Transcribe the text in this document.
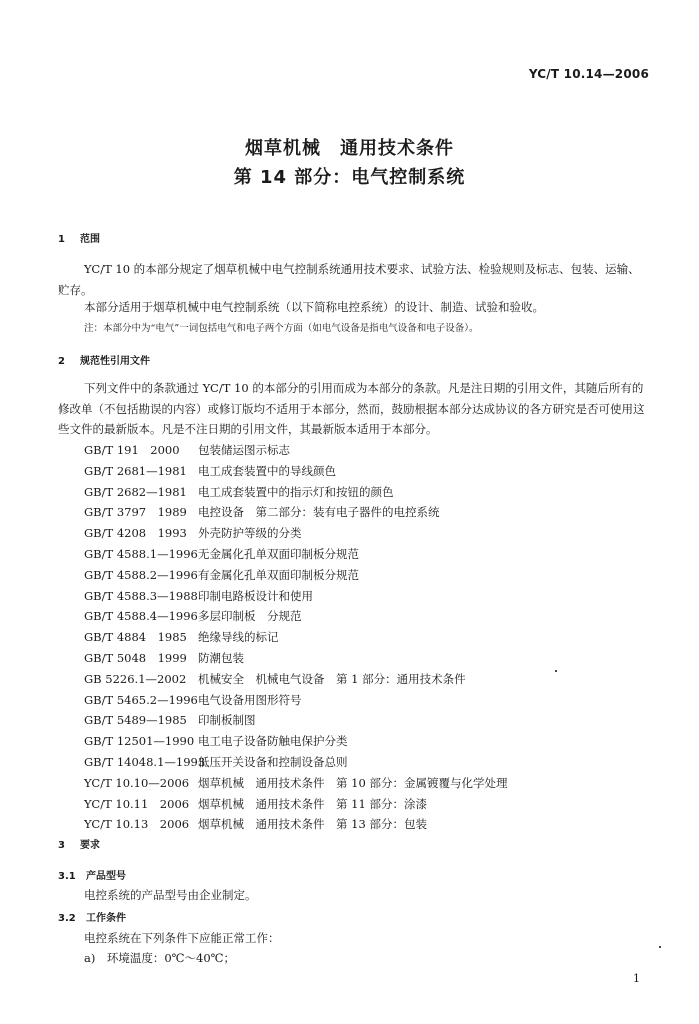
YC/T 10.14—2006
烟草机械　通用技术条件
第 14 部分：电气控制系统
1 范围
YC/T 10 的本部分规定了烟草机械中电气控制系统通用技术要求、试验方法、检验规则及标志、包装、运输、贮存。
本部分适用于烟草机械中电气控制系统（以下简称电控系统）的设计、制造、试验和验收。
注：本部分中为“电气”一词包括电气和电子两个方面（如电气设备是指电气设备和电子设备）。
2 规范性引用文件
下列文件中的条款通过 YC/T 10 的本部分的引用而成为本部分的条款。凡是注日期的引用文件，其随后所有的修改单（不包括勘误的内容）或修订版均不适用于本部分，然而，鼓励根据本部分达成协议的各方研究是否可使用这些文件的最新版本。凡是不注日期的引用文件，其最新版本适用于本部分。
GB/T 191　2000 包装储运图示标志
GB/T 2681—1981 电工成套装置中的导线颜色
GB/T 2682—1981 电工成套装置中的指示灯和按钮的颜色
GB/T 3797　1989 电控设备　第二部分：装有电子器件的电控系统
GB/T 4208　1993 外壳防护等级的分类
GB/T 4588.1—1996无金属化孔单双面印制板分规范
GB/T 4588.2—1996有金属化孔单双面印制板分规范
GB/T 4588.3—1988印制电路板设计和使用
GB/T 4588.4—1996多层印制板　分规范
GB/T 4884　1985 绝缘导线的标记
GB/T 5048　1999 防潮包装
GB 5226.1—2002 机械安全　机械电气设备　第 1 部分：通用技术条件
GB/T 5465.2—1996电气设备用图形符号
GB/T 5489—1985 印制板制图
GB/T 12501—1990 电工电子设备防触电保护分类
GB/T 14048.1—1993低压开关设备和控制设备总则
YC/T 10.10—2006 烟草机械　通用技术条件　第 10 部分：金属镀覆与化学处理
YC/T 10.11　2006 烟草机械　通用技术条件　第 11 部分：涂漆
YC/T 10.13　2006 烟草机械　通用技术条件　第 13 部分：包装
3 要求
3.1 产品型号
电控系统的产品型号由企业制定。
3.2 工作条件
电控系统在下列条件下应能正常工作：
a)　环境温度：0℃～40℃；
1
